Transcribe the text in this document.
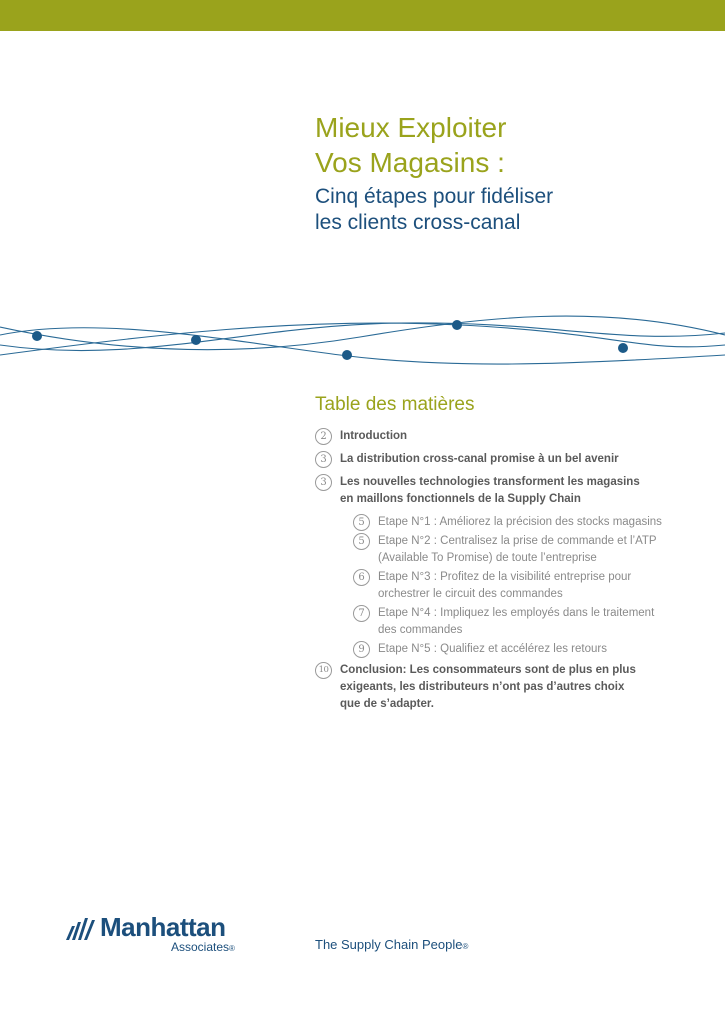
Mieux Exploiter
Vos Magasins :
Cinq étapes pour fidéliser
les clients cross-canal
Table des matières
2	Introduction
3	La distribution cross-canal promise à un bel avenir
3	Les nouvelles technologies transforment les magasins
en maillons fonctionnels de la Supply Chain
5	Etape N°1 : Améliorez la précision des stocks magasins
5	Etape N°2 : Centralisez la prise de commande et l’ATP
(Available To Promise) de toute l’entreprise
6	Etape N°3 : Profitez de la visibilité entreprise pour
orchestrer le circuit des commandes
7	Etape N°4 : Impliquez les employés dans le traitement
des commandes
9	Etape N°5 : Qualifiez et accélérez les retours
10	Conclusion: Les consommateurs sont de plus en plus
exigeants, les distributeurs n’ont pas d’autres choix
que de s’adapter.
Manhattan
Associates®	The Supply Chain People®
